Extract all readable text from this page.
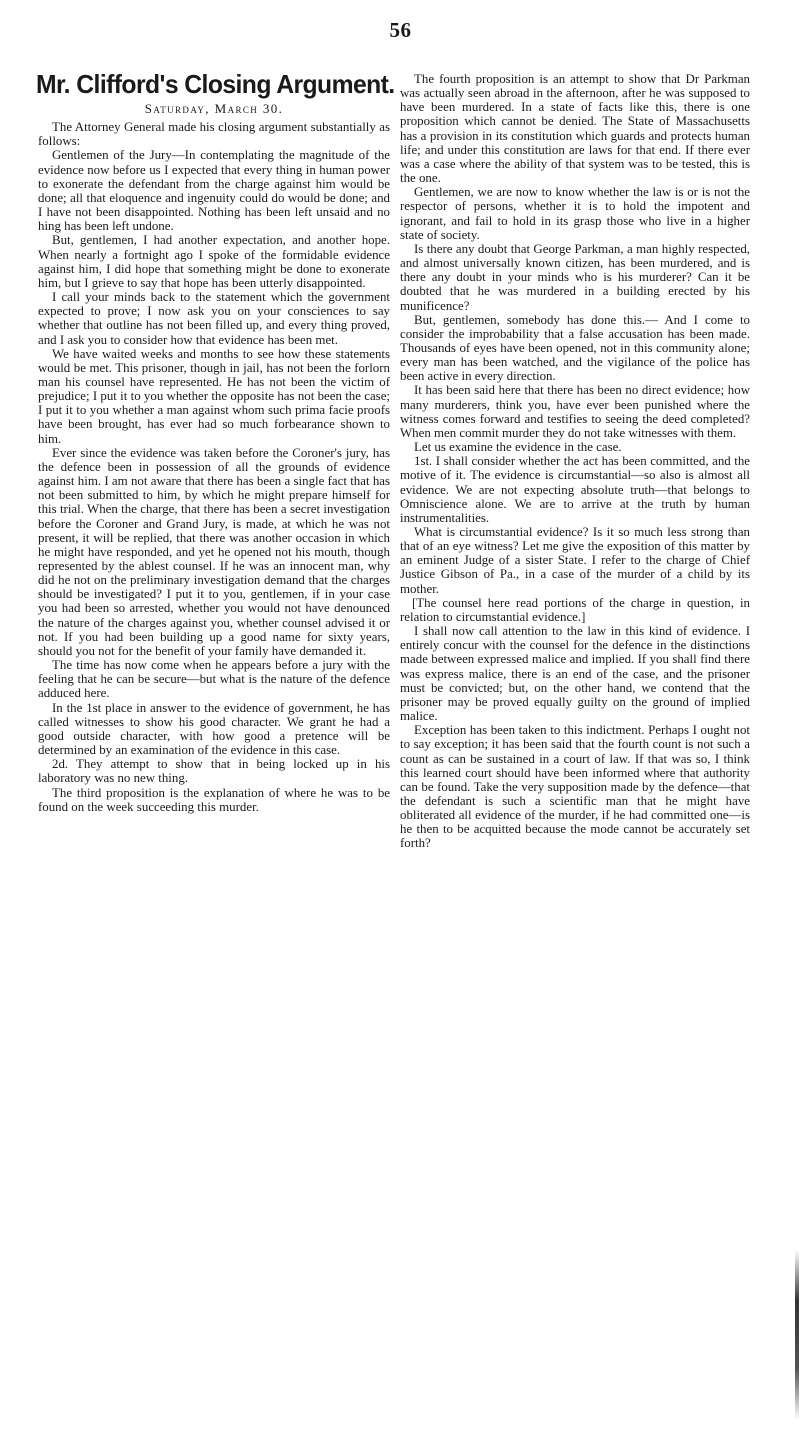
56
Mr. Clifford's Closing Argument.
Saturday, March 30.

The Attorney General made his closing argument substantially as follows:

Gentlemen of the Jury—In contemplating the magnitude of the evidence now before us I expected that every thing in human power to exonerate the defendant from the charge against him would be done; all that eloquence and ingenuity could do would be done; and I have not been disappointed. Nothing has been left unsaid and no hing has been left undone.

But, gentlemen, I had another expectation, and another hope. When nearly a fortnight ago I spoke of the formidable evidence against him, I did hope that something might be done to exonerate him, but I grieve to say that hope has been utterly disappointed.

I call your minds back to the statement which the government expected to prove; I now ask you on your consciences to say whether that outline has not been filled up, and every thing proved, and I ask you to consider how that evidence has been met.

We have waited weeks and months to see how these statements would be met. This prisoner, though in jail, has not been the forlorn man his counsel have represented. He has not been the victim of prejudice; I put it to you whether the opposite has not been the case; I put it to you whether a man against whom such prima facie proofs have been brought, has ever had so much forbearance shown to him.

Ever since the evidence was taken before the Coroner's jury, has the defence been in possession of all the grounds of evidence against him. I am not aware that there has been a single fact that has not been submitted to him, by which he might prepare himself for this trial. When the charge, that there has been a secret investigation before the Coroner and Grand Jury, is made, at which he was not present, it will be replied, that there was another occasion in which he might have responded, and yet he opened not his mouth, though represented by the ablest counsel. If he was an innocent man, why did he not on the preliminary investigation demand that the charges should be investigated? I put it to you, gentlemen, if in your case you had been so arrested, whether you would not have denounced the nature of the charges against you, whether counsel advised it or not. If you had been building up a good name for sixty years, should you not for the benefit of your family have demanded it.

The time has now come when he appears before a jury with the feeling that he can be secure—but what is the nature of the defence adduced here.

In the 1st place in answer to the evidence of government, he has called witnesses to show his good character. We grant he had a good outside character, with how good a pretence will be determined by an examination of the evidence in this case.

2d. They attempt to show that in being locked up in his laboratory was no new thing.

The third proposition is the explanation of where he was to be found on the week succeeding this murder.

The fourth proposition is an attempt to show that Dr Parkman was actually seen abroad in the afternoon, after he was supposed to have been murdered. In a state of facts like this, there is one proposition which cannot be denied. The State of Massachusetts has a provision in its constitution which guards and protects human life; and under this constitution are laws for that end. If there ever was a case where the ability of that system was to be tested, this is the one.

Gentlemen, we are now to know whether the law is or is not the respector of persons, whether it is to hold the impotent and ignorant, and fail to hold in its grasp those who live in a higher state of society.

Is there any doubt that George Parkman, a man highly respected, and almost universally known citizen, has been murdered, and is there any doubt in your minds who is his murderer? Can it be doubted that he was murdered in a building erected by his munificence?

But, gentlemen, somebody has done this.— And I come to consider the improbability that a false accusation has been made. Thousands of eyes have been opened, not in this community alone; every man has been watched, and the vigilance of the police has been active in every direction.

It has been said here that there has been no direct evidence; how many murderers, think you, have ever been punished where the witness comes forward and testifies to seeing the deed completed? When men commit murder they do not take witnesses with them.

Let us examine the evidence in the case.

1st. I shall consider whether the act has been committed, and the motive of it. The evidence is circumstantial—so also is almost all evidence. We are not expecting absolute truth—that belongs to Omniscience alone. We are to arrive at the truth by human instrumentalities.

What is circumstantial evidence? Is it so much less strong than that of an eye witness? Let me give the exposition of this matter by an eminent Judge of a sister State. I refer to the charge of Chief Justice Gibson of Pa., in a case of the murder of a child by its mother.

[The counsel here read portions of the charge in question, in relation to circumstantial evidence.]

I shall now call attention to the law in this kind of evidence. I entirely concur with the counsel for the defence in the distinctions made between expressed malice and implied. If you shall find there was express malice, there is an end of the case, and the prisoner must be convicted; but, on the other hand, we contend that the prisoner may be proved equally guilty on the ground of implied malice.

Exception has been taken to this indictment. Perhaps I ought not to say exception; it has been said that the fourth count is not such a count as can be sustained in a court of law. If that was so, I think this learned court should have been informed where that authority can be found. Take the very supposition made by the defence—that the defendant is such a scientific man that he might have obliterated all evidence of the murder, if he had committed one—is he then to be acquitted because the mode cannot be accurately set forth?
